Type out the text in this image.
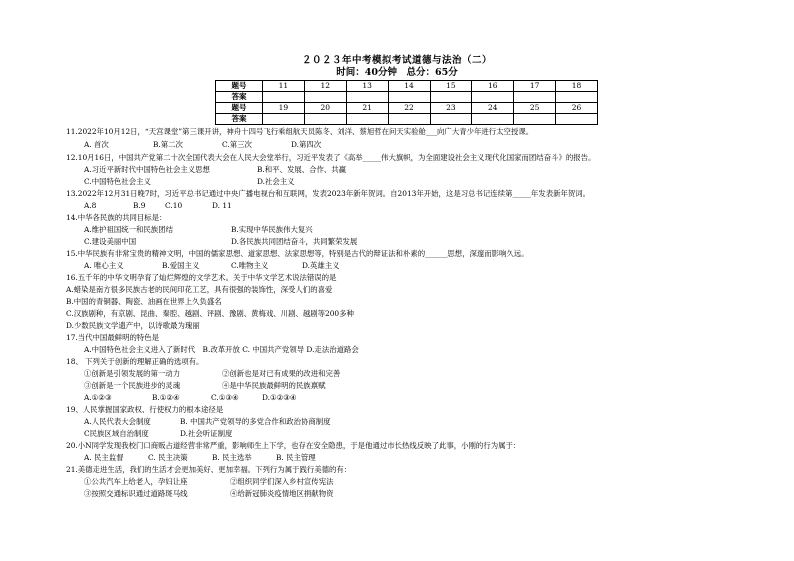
２０２３年中考模拟考试道德与法治（二）
时间：40分钟　总分：65分
题号	11	12	13	14	15	16	17	18
答案								
题号	19	20	21	22	23	24	25	26
答案								
11.2022年10月12日，“天宫课堂”第三课开讲，神舟十四号飞行乘组航天员陈冬、刘洋、蔡旭哲在问天实验舱___向广大青少年进行太空授课。
A. 首次	B.第二次	C.第三次	D.第四次
12.10月16日，中国共产党第二十次全国代表大会在人民大会堂举行，习近平发表了《高举_____伟大旗帜，为全面建设社会主义现代化国家而团结奋斗》的报告。
A.习近平新时代中国特色社会主义思想	B.和平、发展、合作、共赢
C.中国特色社会主义	D.社会主义
13.2022年12月31日晚7时，习近平总书记通过中央广播电视台和互联网，发表2023年新年贺词。自2013年开始，这是习总书记连续第_____年发表新年贺词。
A.8	B.9	C.10	D. 11
14.中华各民族的共同目标是：
A.维护祖国统一和民族团结	B.实现中华民族伟大复兴
C.建设美丽中国	D.各民族共同团结奋斗，共同繁荣发展
15.中华民族有非常宝贵的精神文明，中国的儒家思想、道家思想、法家思想等，特别是古代的辩证法和朴素的______思想，深邃而影响久远。
A. 唯心主义	B.爱国主义	C.唯物主义	D.英雄主义
16.五千年的中华文明孕育了灿烂辉煌的文学艺术。关于中华文学艺术说法错误的是
A.蜡染是南方很多民族古老的民间印花工艺，具有很强的装饰性，深受人们的喜爱
B.中国的青铜器、陶瓷、油画在世界上久负盛名
C.汉族剧种，有京剧、昆曲、秦腔、越剧、评剧、豫剧、黄梅戏、川剧、越剧等200多种
D.少数民族文学遗产中，以诗歌最为瑰丽
17.当代中国最鲜明的特色是
A.中国特色社会主义进入了新时代　B.改革开放 C. 中国共产党领导 D.走法治道路会
18、 下列关于创新的理解正确的选项有。
①创新是引领发展的第一动力	②创新也是对已有成果的改进和完善
③创新是一个民族进步的灵魂	④是中华民族最鲜明的民族禀赋
A.①②③	B.①②④	C.①③④	D.①②③④
19、人民掌握国家政权、行使权力的根本途径是
A.人民代表大会制度	B. 中国共产党领导的多党合作和政治协商制度
C民族区域自治制度	D.社会听证制度
20.小N同学发现我校门口商贩占道经营非常严重，影响师生上下学，也存在安全隐患，于是他通过市长热线反映了此事，小刚的行为属于：
A. 民主监督	C. 民主决策	B. 民主选举	B. 民主管理
21.美德走进生活，我们的生活才会更加美好、更加幸福。下列行为属于践行美德的有：
①公共汽车上给老人，孕妇让座	②组织同学们深入乡村宣传宪法
③按照交通标识通过道路斑马线	④给新冠肺炎疫情地区捐献物资
